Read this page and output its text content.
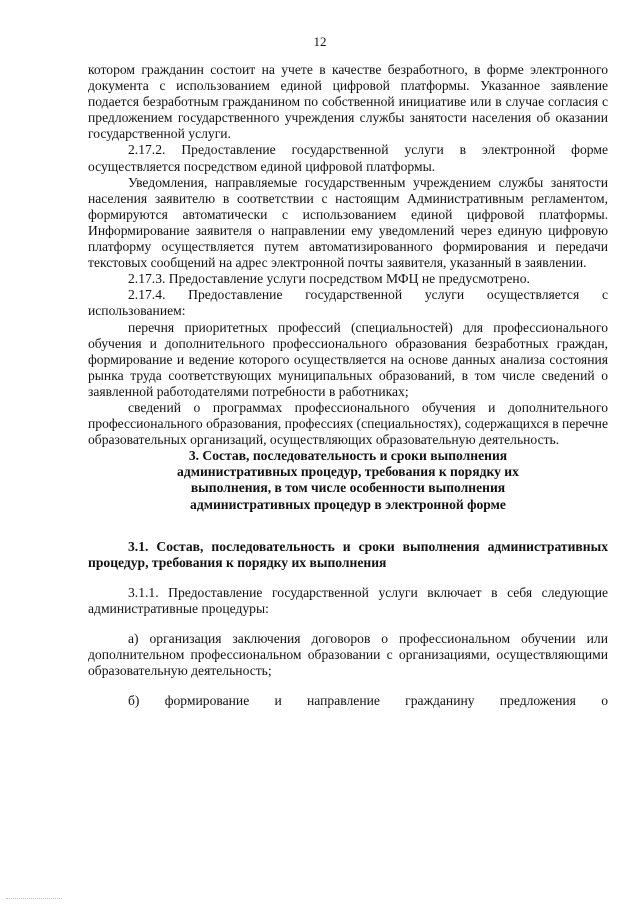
12

котором гражданин состоит на учете в качестве безработного, в форме электронного документа с использованием единой цифровой платформы. Указанное заявление подается безработным гражданином по собственной инициативе или в случае согласия с предложением государственного учреждения службы занятости населения об оказании государственной услуги.

2.17.2. Предоставление государственной услуги в электронной форме осуществляется посредством единой цифровой платформы.

Уведомления, направляемые государственным учреждением службы занятости населения заявителю в соответствии с настоящим Административным регламентом, формируются автоматически с использованием единой цифровой платформы. Информирование заявителя о направлении ему уведомлений через единую цифровую платформу осуществляется путем автоматизированного формирования и передачи текстовых сообщений на адрес электронной почты заявителя, указанный в заявлении.

2.17.3. Предоставление услуги посредством МФЦ не предусмотрено.

2.17.4. Предоставление государственной услуги осуществляется с использованием:

перечня приоритетных профессий (специальностей) для профессионального обучения и дополнительного профессионального образования безработных граждан, формирование и ведение которого осуществляется на основе данных анализа состояния рынка труда соответствующих муниципальных образований, в том числе сведений о заявленной работодателями потребности в работниках;

сведений о программах профессионального обучения и дополнительного профессионального образования, профессиях (специальностях), содержащихся в перечне образовательных организаций, осуществляющих образовательную деятельность.

3. Состав, последовательность и сроки выполнения административных процедур, требования к порядку их выполнения, в том числе особенности выполнения административных процедур в электронной форме

3.1. Состав, последовательность и сроки выполнения административных процедур, требования к порядку их выполнения

3.1.1. Предоставление государственной услуги включает в себя следующие административные процедуры:

а) организация заключения договоров о профессиональном обучении или дополнительном профессиональном образовании с организациями, осуществляющими образовательную деятельность;

б) формирование и направление гражданину предложения о
